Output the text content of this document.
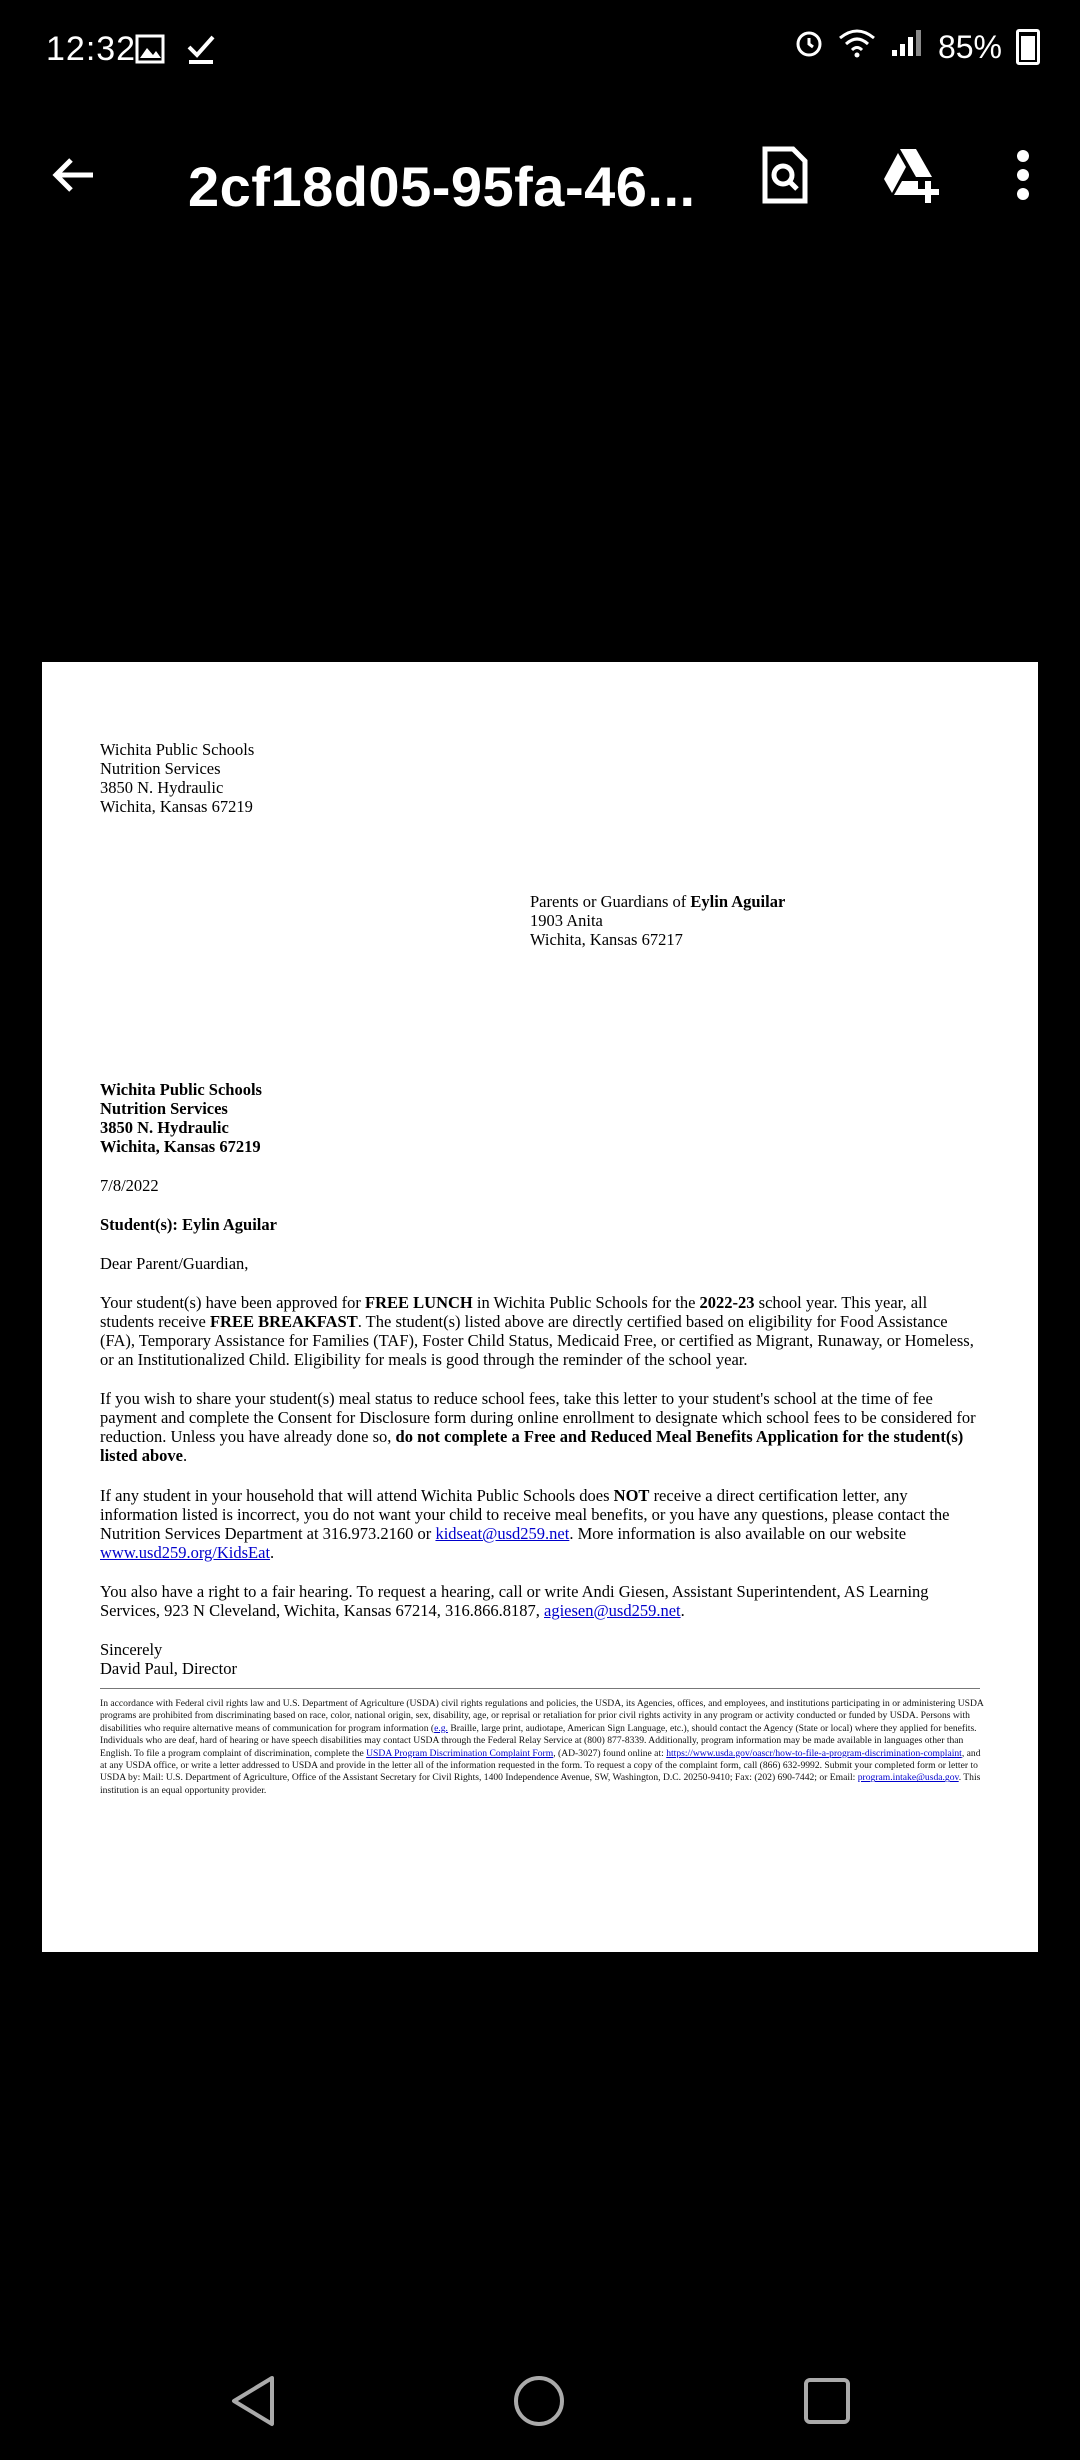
12:32	85%
2cf18d05-95fa-46...

Wichita Public Schools

Nutrition Services

3850 N. Hydraulic

Wichita, Kansas 67219

Parents or Guardians of Eylin Aguilar

1903 Anita

Wichita, Kansas 67217

Wichita Public Schools

Nutrition Services

3850 N. Hydraulic

Wichita, Kansas 67219

7/8/2022
Student(s): Eylin Aguilar
Dear Parent/Guardian,
Your student(s) have been approved for FREE LUNCH in Wichita Public Schools for the 2022-23 school year. This year, all students receive FREE BREAKFAST. The student(s) listed above are directly certified based on eligibility for Food Assistance (FA), Temporary Assistance for Families (TAF), Foster Child Status, Medicaid Free, or certified as Migrant, Runaway, or Homeless, or an Institutionalized Child. Eligibility for meals is good through the reminder of the school year.
If you wish to share your student(s) meal status to reduce school fees, take this letter to your student's school at the time of fee payment and complete the Consent for Disclosure form during online enrollment to designate which school fees to be considered for reduction. Unless you have already done so, do not complete a Free and Reduced Meal Benefits Application for the student(s) listed above.
If any student in your household that will attend Wichita Public Schools does NOT receive a direct certification letter, any information listed is incorrect, you do not want your child to receive meal benefits, or you have any questions, please contact the Nutrition Services Department at 316.973.2160 or kidseat@usd259.net. More information is also available on our website www.usd259.org/KidsEat.
You also have a right to a fair hearing. To request a hearing, call or write Andi Giesen, Assistant Superintendent, AS Learning Services, 923 N Cleveland, Wichita, Kansas 67214, 316.866.8187, agiesen@usd259.net.

Sincerely

David Paul, Director

In accordance with Federal civil rights law and U.S. Department of Agriculture (USDA) civil rights regulations and policies, the USDA, its Agencies, offices, and employees, and institutions participating in or administering USDA programs are prohibited from discriminating based on race, color, national origin, sex, disability, age, or reprisal or retaliation for prior civil rights activity in any program or activity conducted or funded by USDA. Persons with disabilities who require alternative means of communication for program information (e.g. Braille, large print, audiotape, American Sign Language, etc.), should contact the Agency (State or local) where they applied for benefits. Individuals who are deaf, hard of hearing or have speech disabilities may contact USDA through the Federal Relay Service at (800) 877-8339. Additionally, program information may be made available in languages other than English. To file a program complaint of discrimination, complete the USDA Program Discrimination Complaint Form, (AD-3027) found online at: https://www.usda.gov/oascr/how-to-file-a-program-discrimination-complaint, and at any USDA office, or write a letter addressed to USDA and provide in the letter all of the information requested in the form. To request a copy of the complaint form, call (866) 632-9992. Submit your completed form or letter to USDA by: Mail: U.S. Department of Agriculture, Office of the Assistant Secretary for Civil Rights, 1400 Independence Avenue, SW, Washington, D.C. 20250-9410; Fax: (202) 690-7442; or Email: program.intake@usda.gov. This institution is an equal opportunity provider.
